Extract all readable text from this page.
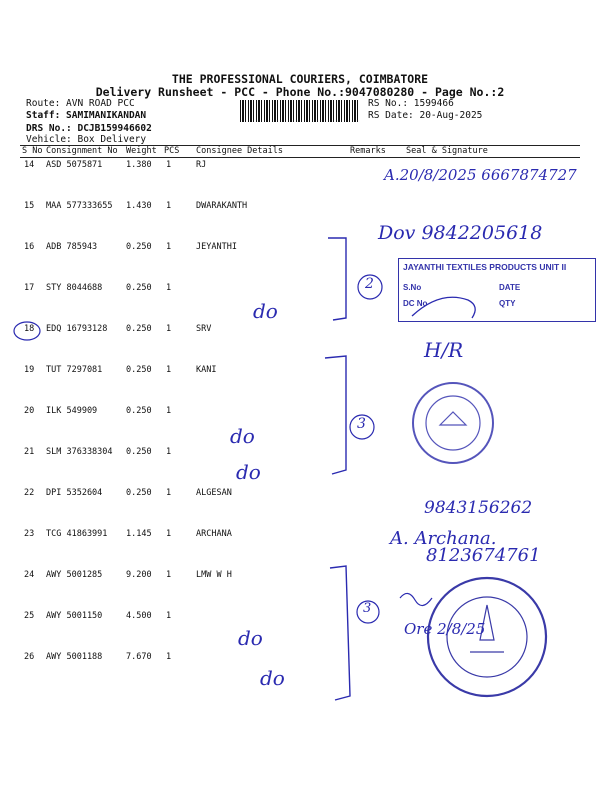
THE PROFESSIONAL COURIERS, COIMBATORE
Delivery Runsheet - PCC - Phone No.:9047080280 - Page No.:2
Route: AVN ROAD PCC
Staff: SAMIMANIKANDAN
DRS No.: DCJB159946602
Vehicle: Box Delivery
RS No.: 1599466
RS Date: 20-Aug-2025
S No Consignment No Weight PCS Consignee Details	Remarks Seal & Signature
14 ASD 5075871	1.380 1	RJ
15 MAA 577333655 1.430 1	DWARAKANTH
16 ADB 785943	0.250 1	JEYANTHI
17 STY 8044688	0.250 1
18 EDQ 16793128 0.250 1	SRV
19 TUT 7297081	0.250 1	KANI
20 ILK 549909	0.250 1
21 SLM 376338304 0.250 1
22 DPI 5352604	0.250 1	ALGESAN
23 TCG 41863991 1.145 1	ARCHANA
24 AWY 5001285	9.200 1	LMW W H
25 AWY 5001150	4.500 1
26 AWY 5001188	7.670 1
JAYANTHI TEXTILES PRODUCTS UNIT II
S.No	DATE
DC No	QTY
A.20/8/2025 6667874727
Dov 9842205618
do
2
H/R
3
do
do
9843156262
A. Archana.
8123674761
3
Ore 2/8/25
do
do
